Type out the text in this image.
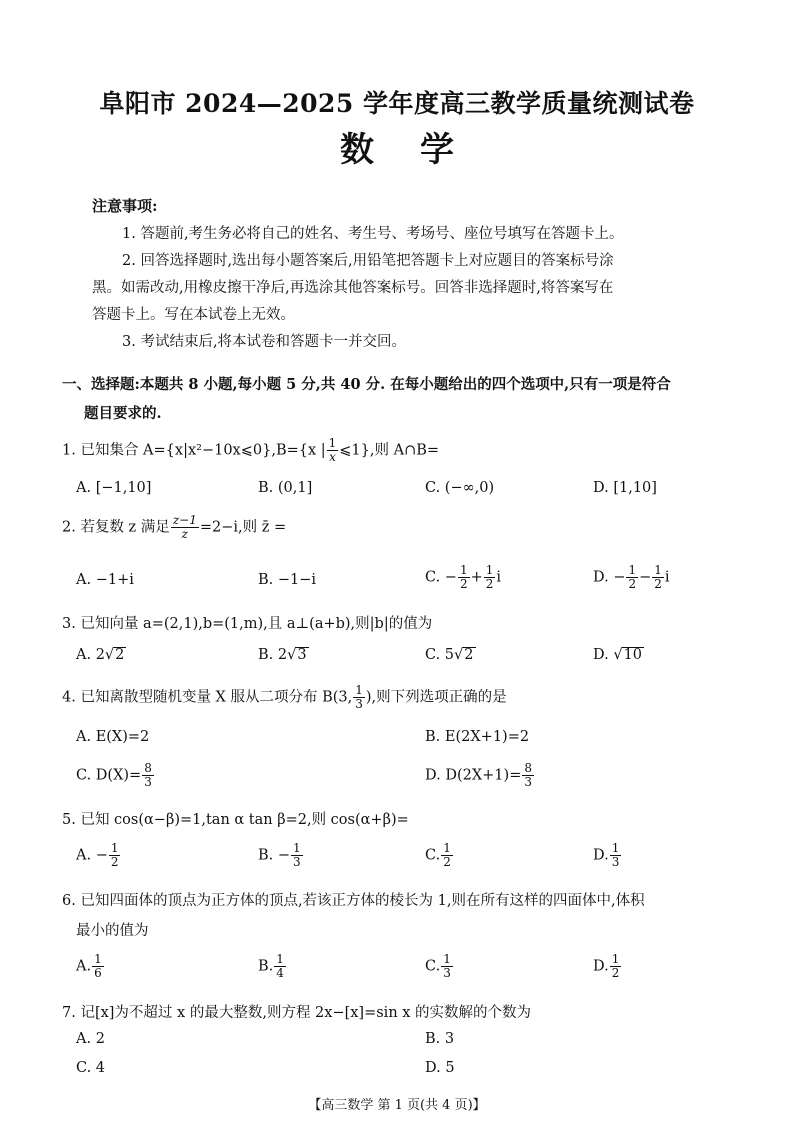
阜阳市 2024—2025 学年度高三教学质量统测试卷
数学
注意事项:
1. 答题前,考生务必将自己的姓名、考生号、考场号、座位号填写在答题卡上。
2. 回答选择题时,选出每小题答案后,用铅笔把答题卡上对应题目的答案标号涂
黑。如需改动,用橡皮擦干净后,再选涂其他答案标号。回答非选择题时,将答案写在
答题卡上。写在本试卷上无效。
3. 考试结束后,将本试卷和答题卡一并交回。
一、选择题:本题共 8 小题,每小题 5 分,共 40 分. 在每小题给出的四个选项中,只有一项是符合
题目要求的.
1. 已知集合 A={x|x²−10x⩽0},B={x | $\frac{1}{x}$ ⩽1},则 A∩B=
A. [−1,10]	B. (0,1]	C. (−∞,0)	D. [1,10]
2. 若复数 z 满足 $\frac{z-1}{z} =2-i$,则 z̄ =
A. −1+i	B. −1−i	C. − $\frac{1}{2} + \frac{1}{2}$ i	D. − $\frac{1}{2} - \frac{1}{2}$ i
3. 已知向量 a=(2,1),b=(1,m),且 a⊥(a+b),则|b|的值为
A. 2√2	B. 2√3	C. 5√2	D. √10
4. 已知离散型随机变量 X 服从二项分布 B(3, $\frac{1}{3}$ ),则下列选项正确的是
A. E(X)=2	B. E(2X+1)=2
C. $D(X)= \frac{8}{3}$	D. $D(2X+1)= \frac{8}{3}$
5. 已知 cos(α−β)=1,tan α tan β=2,则 cos(α+β)=
A. − $\frac{1}{2}$	B. − $\frac{1}{3}$	C. $\frac{1}{2}$	D. $\frac{1}{3}$
6. 已知四面体的顶点为正方体的顶点,若该正方体的棱长为 1,则在所有这样的四面体中,体积
最小的值为
A. $\frac{1}{6}$	B. $\frac{1}{4}$	C. $\frac{1}{3}$	D. $\frac{1}{2}$
7. 记[x]为不超过 x 的最大整数,则方程 2x−[x]=sin x 的实数解的个数为
A. 2	B. 3
C. 4	D. 5
【高三数学 第 1 页(共 4 页)】
